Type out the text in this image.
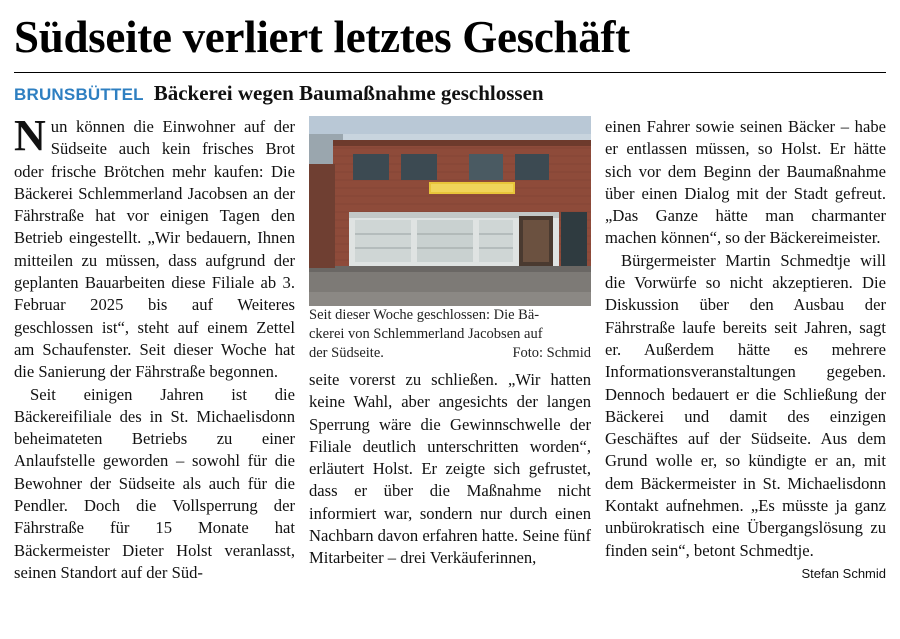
Südseite verliert letztes Geschäft
BRUNSBÜTTEL Bäckerei wegen Baumaßnahme geschlossen

Nun können die Einwohner auf der Südseite auch kein frisches Brot oder frische Brötchen mehr kaufen: Die Bäckerei Schlemmerland Jacobsen an der Fährstraße hat vor einigen Tagen den Betrieb eingestellt. „Wir bedauern, Ihnen mitteilen zu müssen, dass aufgrund der geplanten Bauarbeiten diese Filiale ab 3. Februar 2025 bis auf Weiteres geschlossen ist“, steht auf einem Zettel am Schaufenster. Seit dieser Woche hat die Sanierung der Fährstraße begonnen.

Seit einigen Jahren ist die Bäckereifiliale des in St. Michaelisdonn beheimateten Betriebs zu einer Anlaufstelle geworden – sowohl für die Bewohner der Südseite als auch für die Pendler. Doch die Vollsperrung der Fährstraße für 15 Monate hat Bäckermeister Dieter Holst veranlasst, seinen Standort auf der Süd-

Seit dieser Woche geschlossen: Die Bä-
ckerei von Schlemmerland Jacobsen auf
der Südseite.	Foto: Schmid

seite vorerst zu schließen. „Wir hatten keine Wahl, aber angesichts der langen Sperrung wäre die Gewinnschwelle der Filiale deutlich unterschritten worden“, erläutert Holst. Er zeigte sich gefrustet, dass er über die Maßnahme nicht informiert war, sondern nur durch einen Nachbarn davon erfahren hatte. Seine fünf Mitarbeiter – drei Verkäuferinnen,

einen Fahrer sowie seinen Bäcker – habe er entlassen müssen, so Holst. Er hätte sich vor dem Beginn der Baumaßnahme über einen Dialog mit der Stadt gefreut. „Das Ganze hätte man charmanter machen können“, so der Bäckereimeister.

Bürgermeister Martin Schmedtje will die Vorwürfe so nicht akzeptieren. Die Diskussion über den Ausbau der Fährstraße laufe bereits seit Jahren, sagt er. Außerdem hätte es mehrere Informationsveranstaltungen gegeben. Dennoch bedauert er die Schließung der Bäckerei und damit des einzigen Geschäftes auf der Südseite. Aus dem Grund wolle er, so kündigte er an, mit dem Bäckermeister in St. Michaelisdonn Kontakt aufnehmen. „Es müsste ja ganz unbürokratisch eine Übergangslösung zu finden sein“, betont Schmedtje.

Stefan Schmid
